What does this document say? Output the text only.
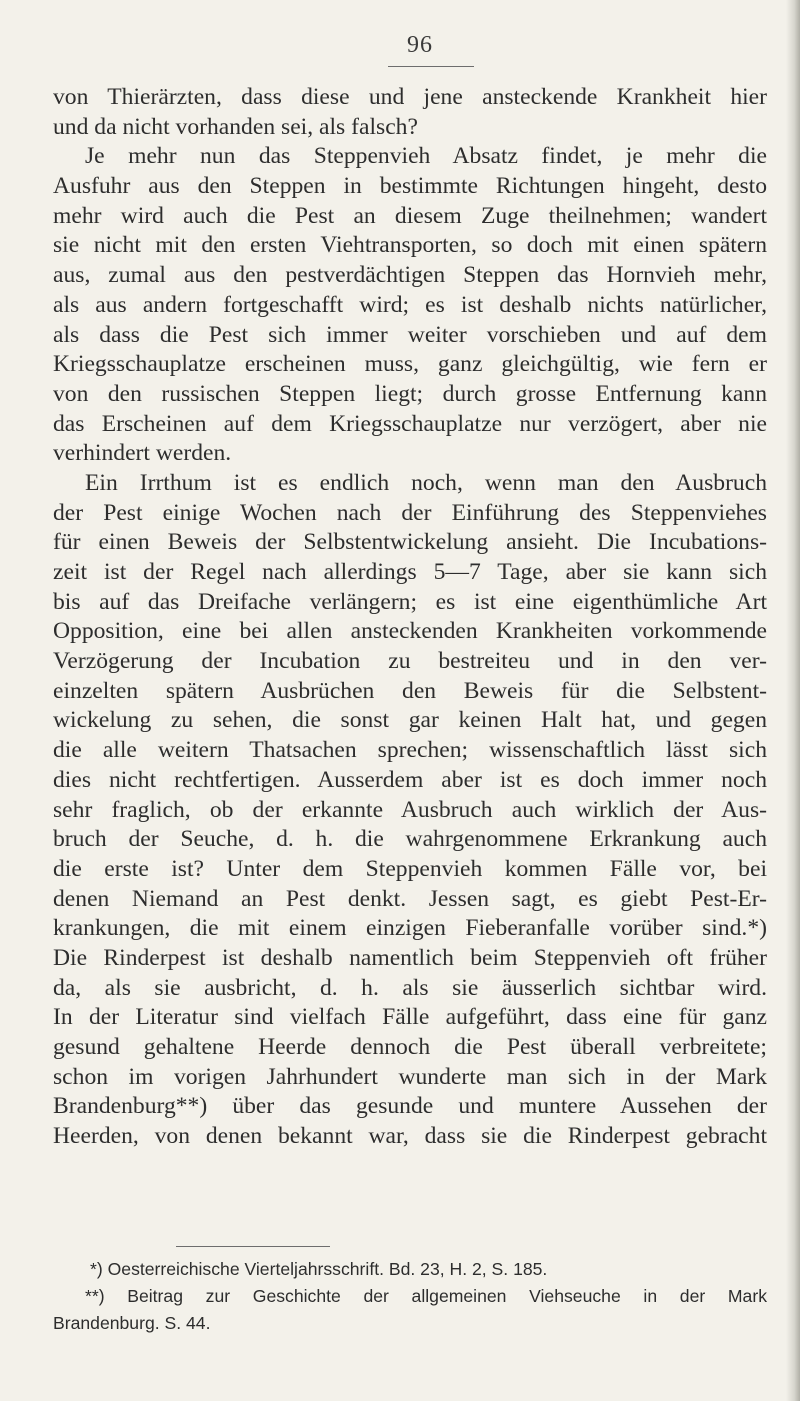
96
von Thierärzten, dass diese und jene ansteckende Krankheit hier
und da nicht vorhanden sei, als falsch?
Je mehr nun das Steppenvieh Absatz findet, je mehr die
Ausfuhr aus den Steppen in bestimmte Richtungen hingeht, desto
mehr wird auch die Pest an diesem Zuge theilnehmen; wandert
sie nicht mit den ersten Viehtransporten, so doch mit einen spätern
aus, zumal aus den pestverdächtigen Steppen das Hornvieh mehr,
als aus andern fortgeschafft wird; es ist deshalb nichts natürlicher,
als dass die Pest sich immer weiter vorschieben und auf dem
Kriegsschauplatze erscheinen muss, ganz gleichgültig, wie fern er
von den russischen Steppen liegt; durch grosse Entfernung kann
das Erscheinen auf dem Kriegsschauplatze nur verzögert, aber nie
verhindert werden.
Ein Irrthum ist es endlich noch, wenn man den Ausbruch
der Pest einige Wochen nach der Einführung des Steppenviehes
für einen Beweis der Selbstentwickelung ansieht. Die Incubations-
zeit ist der Regel nach allerdings 5—7 Tage, aber sie kann sich
bis auf das Dreifache verlängern; es ist eine eigenthümliche Art
Opposition, eine bei allen ansteckenden Krankheiten vorkommende
Verzögerung der Incubation zu bestreiteu und in den ver-
einzelten spätern Ausbrüchen den Beweis für die Selbstent-
wickelung zu sehen, die sonst gar keinen Halt hat, und gegen
die alle weitern Thatsachen sprechen; wissenschaftlich lässt sich
dies nicht rechtfertigen. Ausserdem aber ist es doch immer noch
sehr fraglich, ob der erkannte Ausbruch auch wirklich der Aus-
bruch der Seuche, d. h. die wahrgenommene Erkrankung auch
die erste ist? Unter dem Steppenvieh kommen Fälle vor, bei
denen Niemand an Pest denkt. Jessen sagt, es giebt Pest-Er-
krankungen, die mit einem einzigen Fieberanfalle vorüber sind.*)
Die Rinderpest ist deshalb namentlich beim Steppenvieh oft früher
da, als sie ausbricht, d. h. als sie äusserlich sichtbar wird.
In der Literatur sind vielfach Fälle aufgeführt, dass eine für ganz
gesund gehaltene Heerde dennoch die Pest überall verbreitete;
schon im vorigen Jahrhundert wunderte man sich in der Mark
Brandenburg**) über das gesunde und muntere Aussehen der
Heerden, von denen bekannt war, dass sie die Rinderpest gebracht
*) Oesterreichische Vierteljahrsschrift. Bd. 23, H. 2, S. 185.
**) Beitrag zur Geschichte der allgemeinen Viehseuche in der Mark
Brandenburg. S. 44.
